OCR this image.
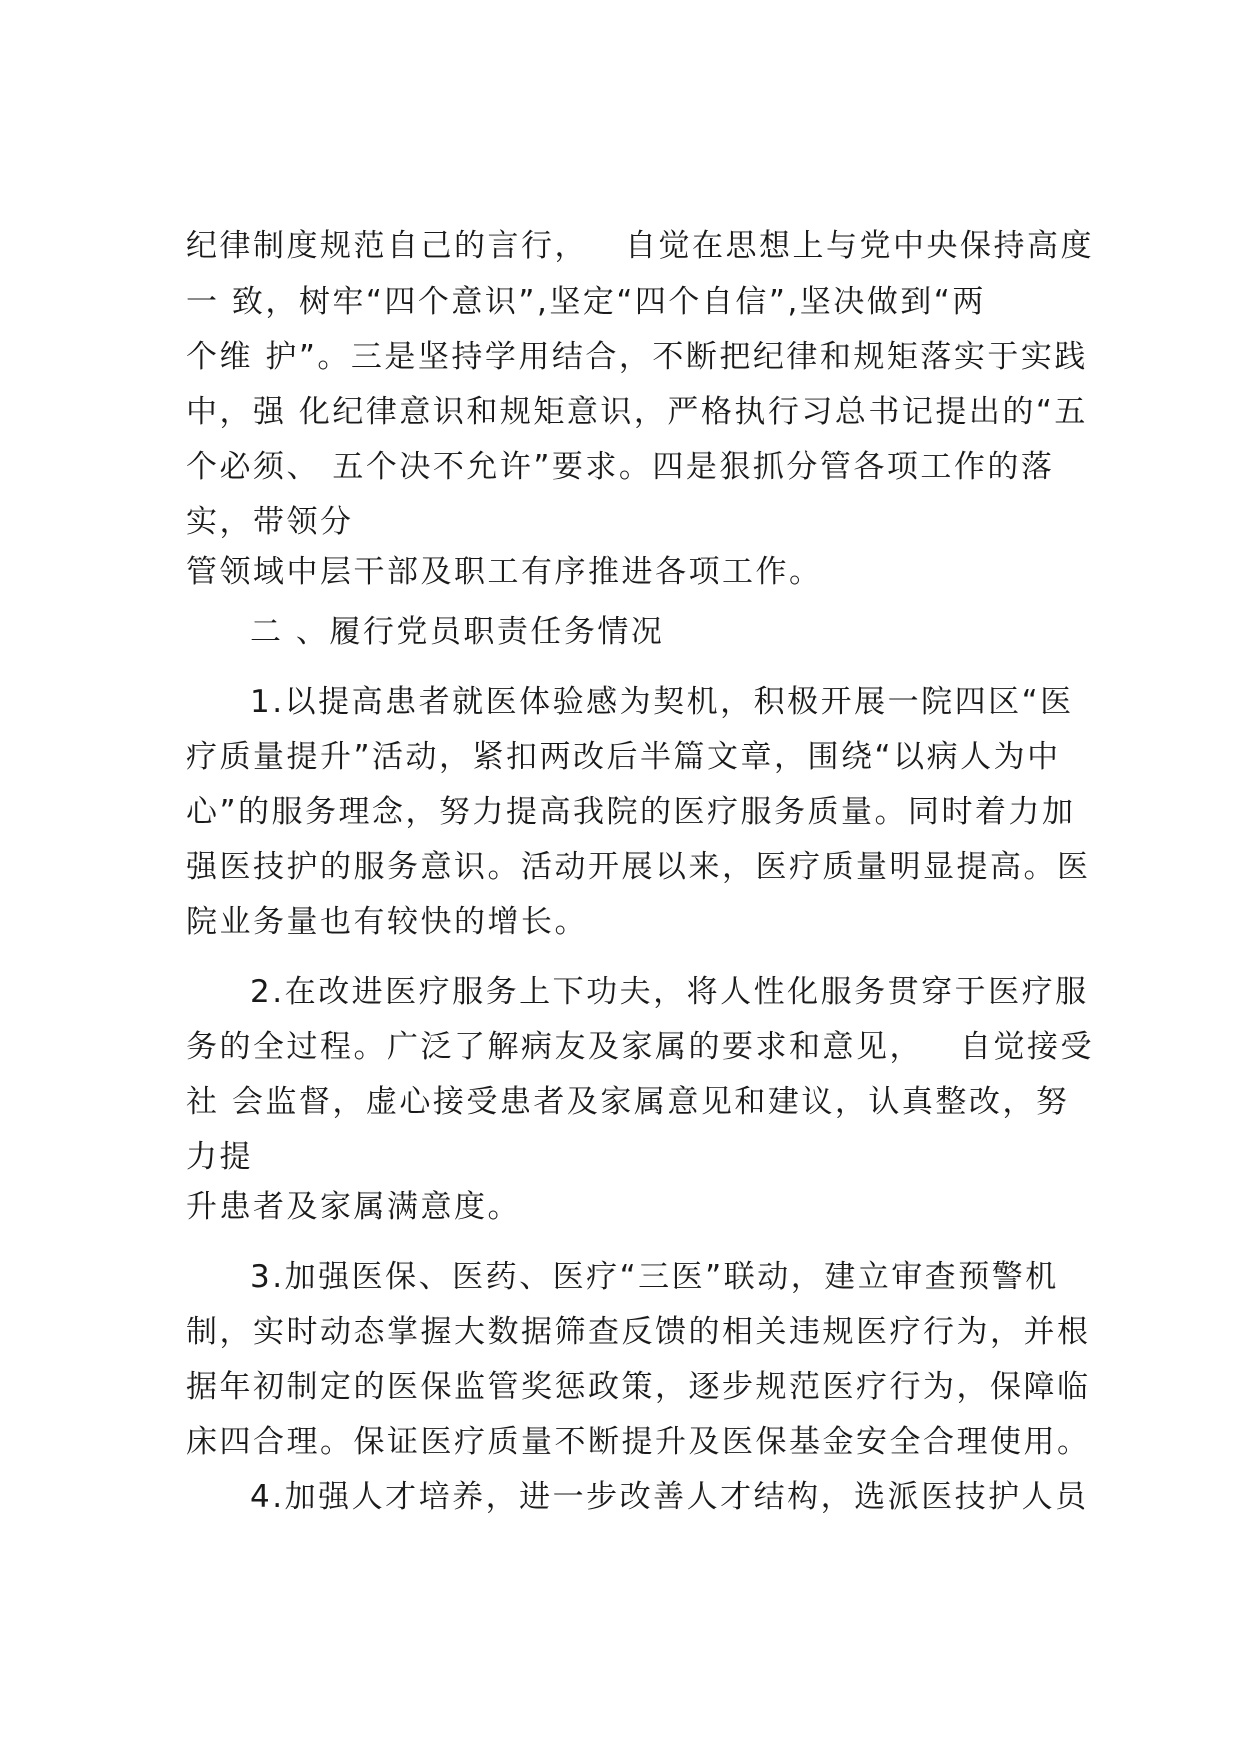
纪律制度规范自己的言行，   自觉在思想上与党中央保持高度
一 致，树牢“四个意识”,坚定“四个自信”,坚决做到“两
个维 护”。三是坚持学用结合，不断把纪律和规矩落实于实践
中，强 化纪律意识和规矩意识，严格执行习总书记提出的“五
个必须、 五个决不允许”要求。四是狠抓分管各项工作的落
实，带领分
管领域中层干部及职工有序推进各项工作。
二 、履行党员职责任务情况
1.以提高患者就医体验感为契机，积极开展一院四区“医
疗质量提升”活动，紧扣两改后半篇文章，围绕“以病人为中
心”的服务理念，努力提高我院的医疗服务质量。同时着力加
强医技护的服务意识。活动开展以来，医疗质量明显提高。医
院业务量也有较快的增长。
2.在改进医疗服务上下功夫，将人性化服务贯穿于医疗服
务的全过程。广泛了解病友及家属的要求和意见，   自觉接受
社 会监督，虚心接受患者及家属意见和建议，认真整改，努
力提
升患者及家属满意度。
3.加强医保、医药、医疗“三医”联动，建立审查预警机
制，实时动态掌握大数据筛查反馈的相关违规医疗行为，并根
据年初制定的医保监管奖惩政策，逐步规范医疗行为，保障临
床四合理。保证医疗质量不断提升及医保基金安全合理使用。
4.加强人才培养，进一步改善人才结构，选派医技护人员
